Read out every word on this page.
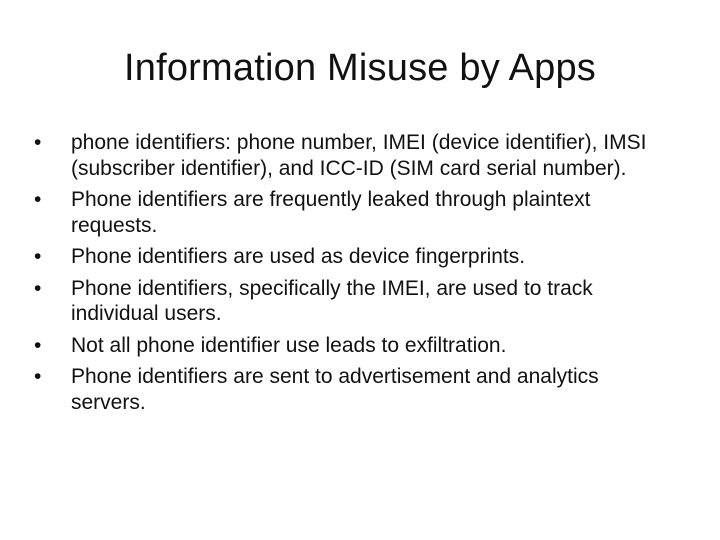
Information Misuse by Apps
•	phone identifiers: phone number, IMEI (device identifier), IMSI (subscriber identifier), and ICC-ID (SIM card serial number).
•	Phone identifiers are frequently leaked through plaintext requests.
•	Phone identifiers are used as device fingerprints.
•	Phone identifiers, specifically the IMEI, are used to track individual users.
•	Not all phone identifier use leads to exfiltration.
•	Phone identifiers are sent to advertisement and analytics servers.
